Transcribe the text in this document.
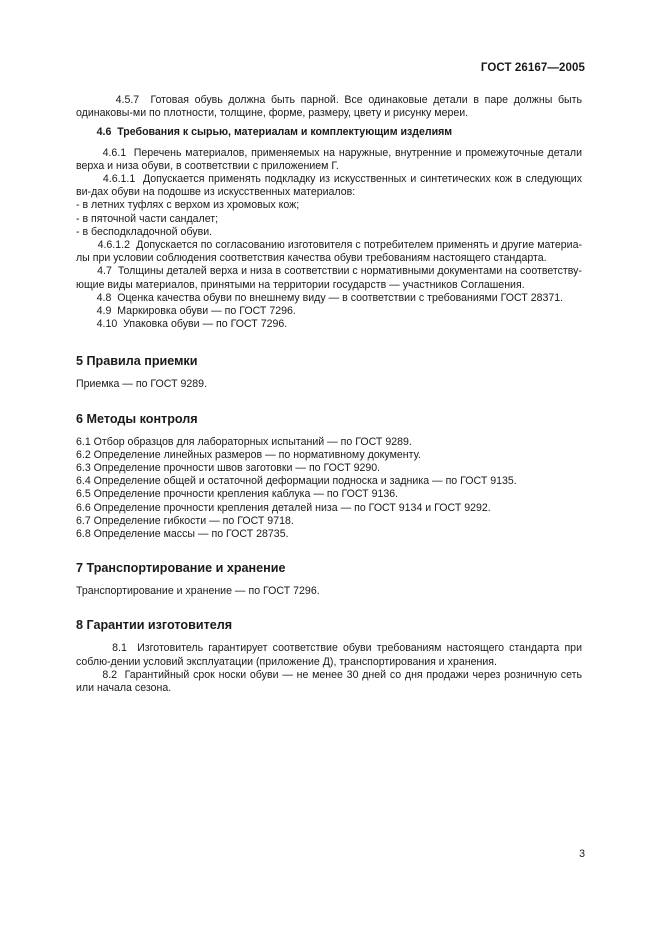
ГОСТ 26167—2005

4.5.7 Готовая обувь должна быть парной. Все одинаковые детали в паре должны быть одинаковы-ми по плотности, толщине, форме, размеру, цвету и рисунку мереи.

4.6 Требования к сырью, материалам и комплектующим изделиям

4.6.1 Перечень материалов, применяемых на наружные, внутренние и промежуточные детали верха и низа обуви, в соответствии с приложением Г.

4.6.1.1 Допускается применять подкладку из искусственных и синтетических кож в следующих ви-дах обуви на подошве из искусственных материалов:

- в летних туфлях с верхом из хромовых кож;

- в пяточной части сандалет;

- в бесподкладочной обуви.

4.6.1.2 Допускается по согласованию изготовителя с потребителем применять и другие материа-лы при условии соблюдения соответствия качества обуви требованиям настоящего стандарта.

4.7 Толщины деталей верха и низа в соответствии с нормативными документами на соответству-ющие виды материалов, принятыми на территории государств — участников Соглашения.

4.8 Оценка качества обуви по внешнему виду — в соответствии с требованиями ГОСТ 28371.

4.9 Маркировка обуви — по ГОСТ 7296.

4.10 Упаковка обуви — по ГОСТ 7296.

5 Правила приемки

Приемка — по ГОСТ 9289.

6 Методы контроля

6.1 Отбор образцов для лабораторных испытаний — по ГОСТ 9289.

6.2 Определение линейных размеров — по нормативному документу.

6.3 Определение прочности швов заготовки — по ГОСТ 9290.

6.4 Определение общей и остаточной деформации подноска и задника — по ГОСТ 9135.

6.5 Определение прочности крепления каблука — по ГОСТ 9136.

6.6 Определение прочности крепления деталей низа — по ГОСТ 9134 и ГОСТ 9292.

6.7 Определение гибкости — по ГОСТ 9718.

6.8 Определение массы — по ГОСТ 28735.

7 Транспортирование и хранение

Транспортирование и хранение — по ГОСТ 7296.

8 Гарантии изготовителя

8.1 Изготовитель гарантирует соответствие обуви требованиям настоящего стандарта при соблю-дении условий эксплуатации (приложение Д), транспортирования и хранения.

8.2 Гарантийный срок носки обуви — не менее 30 дней со дня продажи через розничную сеть или начала сезона.

3
